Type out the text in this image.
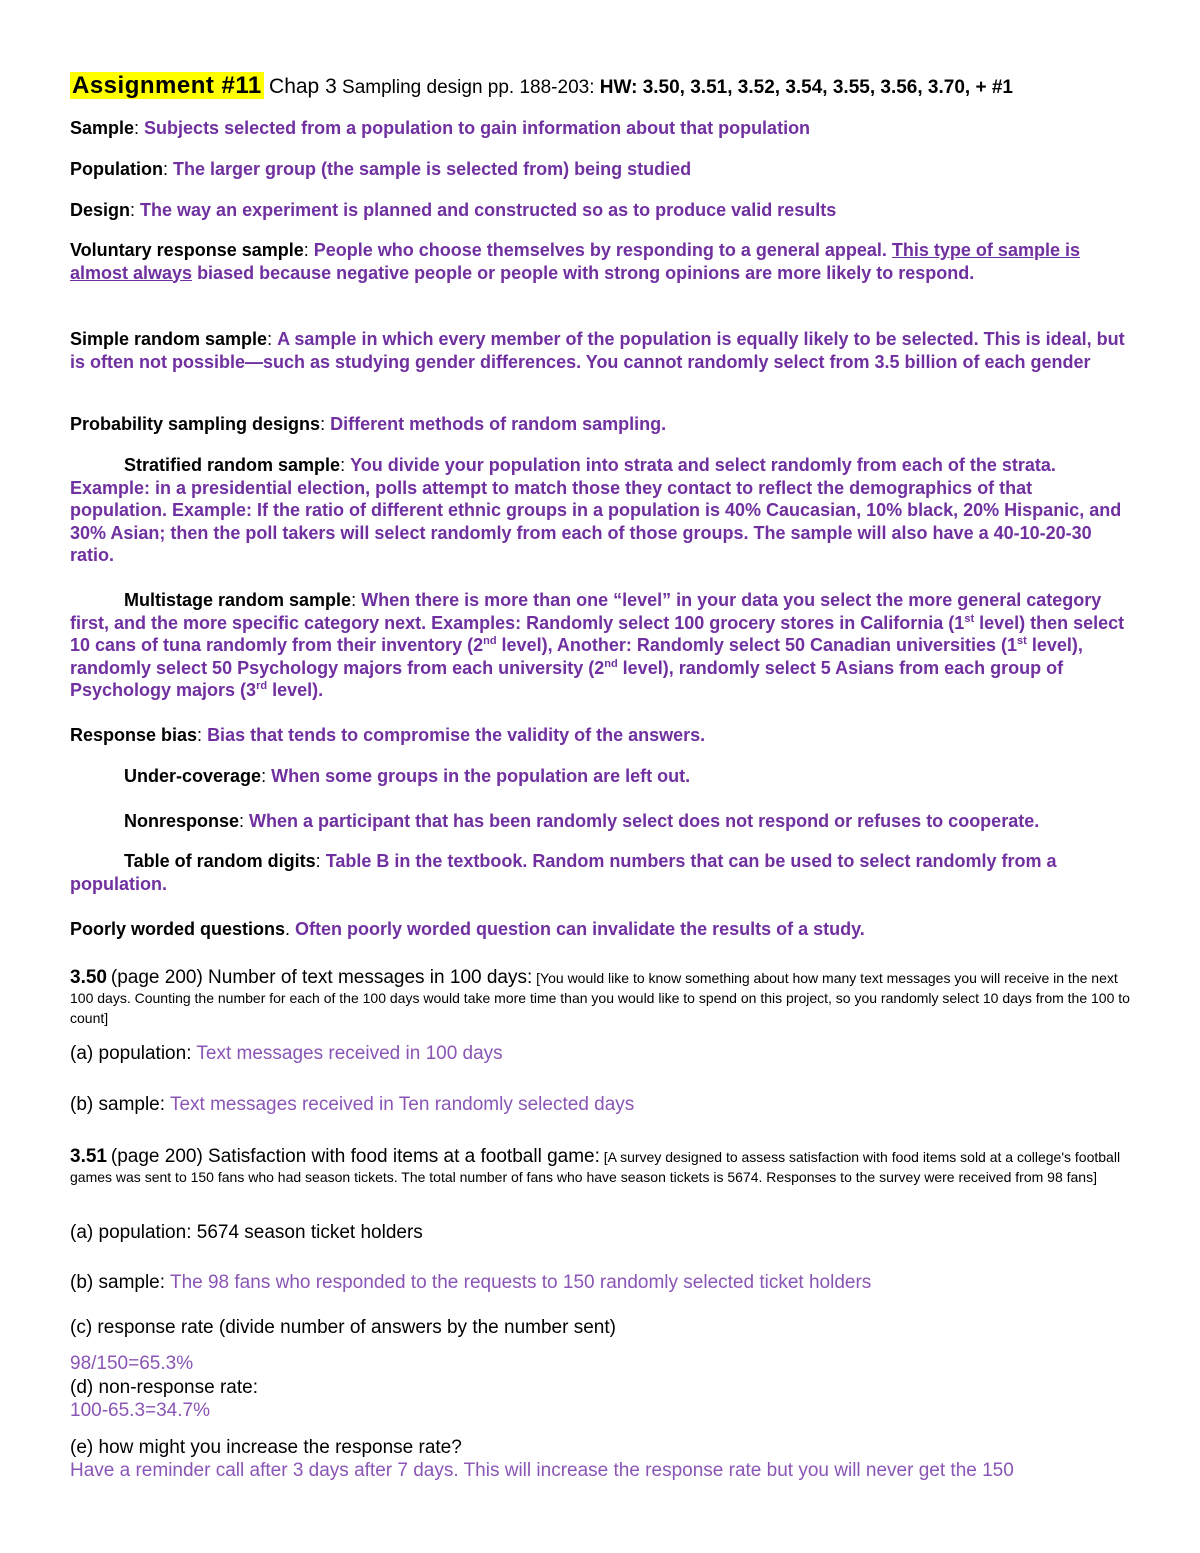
Assignment #11 Chap 3 Sampling design pp. 188-203: HW: 3.50, 3.51, 3.52, 3.54, 3.55, 3.56, 3.70, + #1

Sample: Subjects selected from a population to gain information about that population

Population: The larger group (the sample is selected from) being studied

Design: The way an experiment is planned and constructed so as to produce valid results

Voluntary response sample: People who choose themselves by responding to a general appeal. This type of sample is almost always biased because negative people or people with strong opinions are more likely to respond.

Simple random sample: A sample in which every member of the population is equally likely to be selected. This is ideal, but is often not possible—such as studying gender differences. You cannot randomly select from 3.5 billion of each gender

Probability sampling designs: Different methods of random sampling.

Stratified random sample: You divide your population into strata and select randomly from each of the strata. Example: in a presidential election, polls attempt to match those they contact to reflect the demographics of that population. Example: If the ratio of different ethnic groups in a population is 40% Caucasian, 10% black, 20% Hispanic, and 30% Asian; then the poll takers will select randomly from each of those groups. The sample will also have a 40-10-20-30 ratio.

Multistage random sample: When there is more than one “level” in your data you select the more general category first, and the more specific category next. Examples: Randomly select 100 grocery stores in California (1st level) then select 10 cans of tuna randomly from their inventory (2nd level), Another: Randomly select 50 Canadian universities (1st level), randomly select 50 Psychology majors from each university (2nd level), randomly select 5 Asians from each group of Psychology majors (3rd level).

Response bias: Bias that tends to compromise the validity of the answers.

Under-coverage: When some groups in the population are left out.

Nonresponse: When a participant that has been randomly select does not respond or refuses to cooperate.

Table of random digits: Table B in the textbook. Random numbers that can be used to select randomly from a population.

Poorly worded questions. Often poorly worded question can invalidate the results of a study.

3.50 (page 200) Number of text messages in 100 days: [You would like to know something about how many text messages you will receive in the next 100 days. Counting the number for each of the 100 days would take more time than you would like to spend on this project, so you randomly select 10 days from the 100 to count]

(a) population: Text messages received in 100 days

(b) sample: Text messages received in Ten randomly selected days

3.51 (page 200) Satisfaction with food items at a football game: [A survey designed to assess satisfaction with food items sold at a college's football games was sent to 150 fans who had season tickets. The total number of fans who have season tickets is 5674. Responses to the survey were received from 98 fans]

(a) population: 5674 season ticket holders

(b) sample: The 98 fans who responded to the requests to 150 randomly selected ticket holders

(c) response rate (divide number of answers by the number sent)

98/150=65.3%

(d) non-response rate:

100-65.3=34.7%

(e) how might you increase the response rate?

Have a reminder call after 3 days after 7 days. This will increase the response rate but you will never get the 150
